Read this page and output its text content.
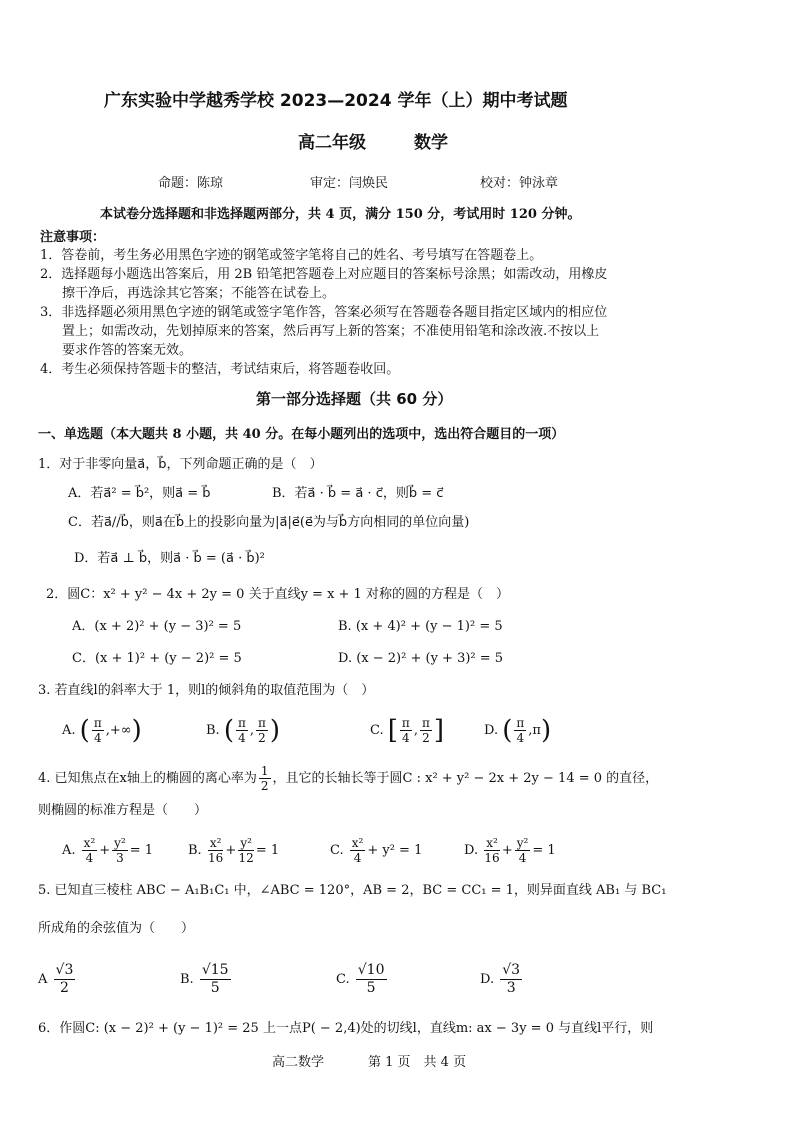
广东实验中学越秀学校 2023—2024 学年（上）期中考试题
高二年级	数学
命题：陈琼	审定：闫焕民	校对：钟泳章
本试卷分选择题和非选择题两部分，共 4 页，满分 150 分，考试用时 120 分钟。
注意事项：
1．答卷前，考生务必用黑色字迹的钢笔或签字笔将自己的姓名、考号填写在答题卷上。
2．选择题每小题选出答案后，用 2B 铅笔把答题卷上对应题目的答案标号涂黑；如需改动，用橡皮
擦干净后，再选涂其它答案；不能答在试卷上。
3．非选择题必须用黑色字迹的钢笔或签字笔作答，答案必须写在答题卷各题目指定区域内的相应位
置上；如需改动，先划掉原来的答案，然后再写上新的答案；不准使用铅笔和涂改液.不按以上
要求作答的答案无效。
4．考生必须保持答题卡的整洁，考试结束后，将答题卷收回。
第一部分选择题（共 60 分）
一、单选题（本大题共 8 小题，共 40 分。在每小题列出的选项中，选出符合题目的一项）
1．对于非零向量a⃗，b⃗，下列命题正确的是（　）
A．若a⃗² = b⃗²，则a⃗ = b⃗	B．若a⃗ · b⃗ = a⃗ · c⃗，则b⃗ = c⃗
C．若a⃗//b⃗，则a⃗在b⃗上的投影向量为|a⃗|e⃗(e⃗为与b⃗方向相同的单位向量)
D．若a⃗ ⊥ b⃗，则a⃗ · b⃗ = (a⃗ · b⃗)²
2．圆C：x² + y² − 4x + 2y = 0 关于直线y = x + 1 对称的圆的方程是（　）
A．(x + 2)² + (y − 3)² = 5	B. (x + 4)² + (y − 1)² = 5
C．(x + 1)² + (y − 2)² = 5	D. (x − 2)² + (y + 3)² = 5
3. 若直线l的斜率大于 1，则l的倾斜角的取值范围为（　）
A. ( $\frac{\pi}{4}$ ,+∞)	B. ( $\frac{\pi}{4}$ , $\frac{\pi}{2}$ )	C. [ $\frac{\pi}{4}$ , $\frac{\pi}{2}$ ]	D. ( $\frac{\pi}{4} ,\pi$)
4. 已知焦点在x轴上的椭圆的离心率为 $\frac{1}{2}$ ，且它的长轴长等于圆C : x² + y² − 2x + 2y − 14 = 0 的直径，
则椭圆的标准方程是（　　）
A. $\frac{\text{x²}}{4} + \frac{\text{y²}}{3} = 1$	B. $\frac{\text{x²}}{16} + \frac{\text{y²}}{12} = 1$	C. $\frac{\text{x²}}{4} + y^2 = 1$	D. $\frac{\text{x²}}{16} + \frac{\text{y²}}{4} = 1$
5. 已知直三棱柱 ABC − A₁B₁C₁ 中，∠ABC = 120°，AB = 2，BC = CC₁ = 1，则异面直线 AB₁ 与 BC₁
所成角的余弦值为（　　）
A $\frac{√3}{2}$	B. $\frac{√15}{5}$	C. $\frac{√10}{5}$	D. $\frac{√3}{3}$
6．作圆C: (x − 2)² + (y − 1)² = 25 上一点P( − 2,4)处的切线l，直线m: ax − 3y = 0 与直线l平行，则
高二数学	第 1 页　共 4 页
